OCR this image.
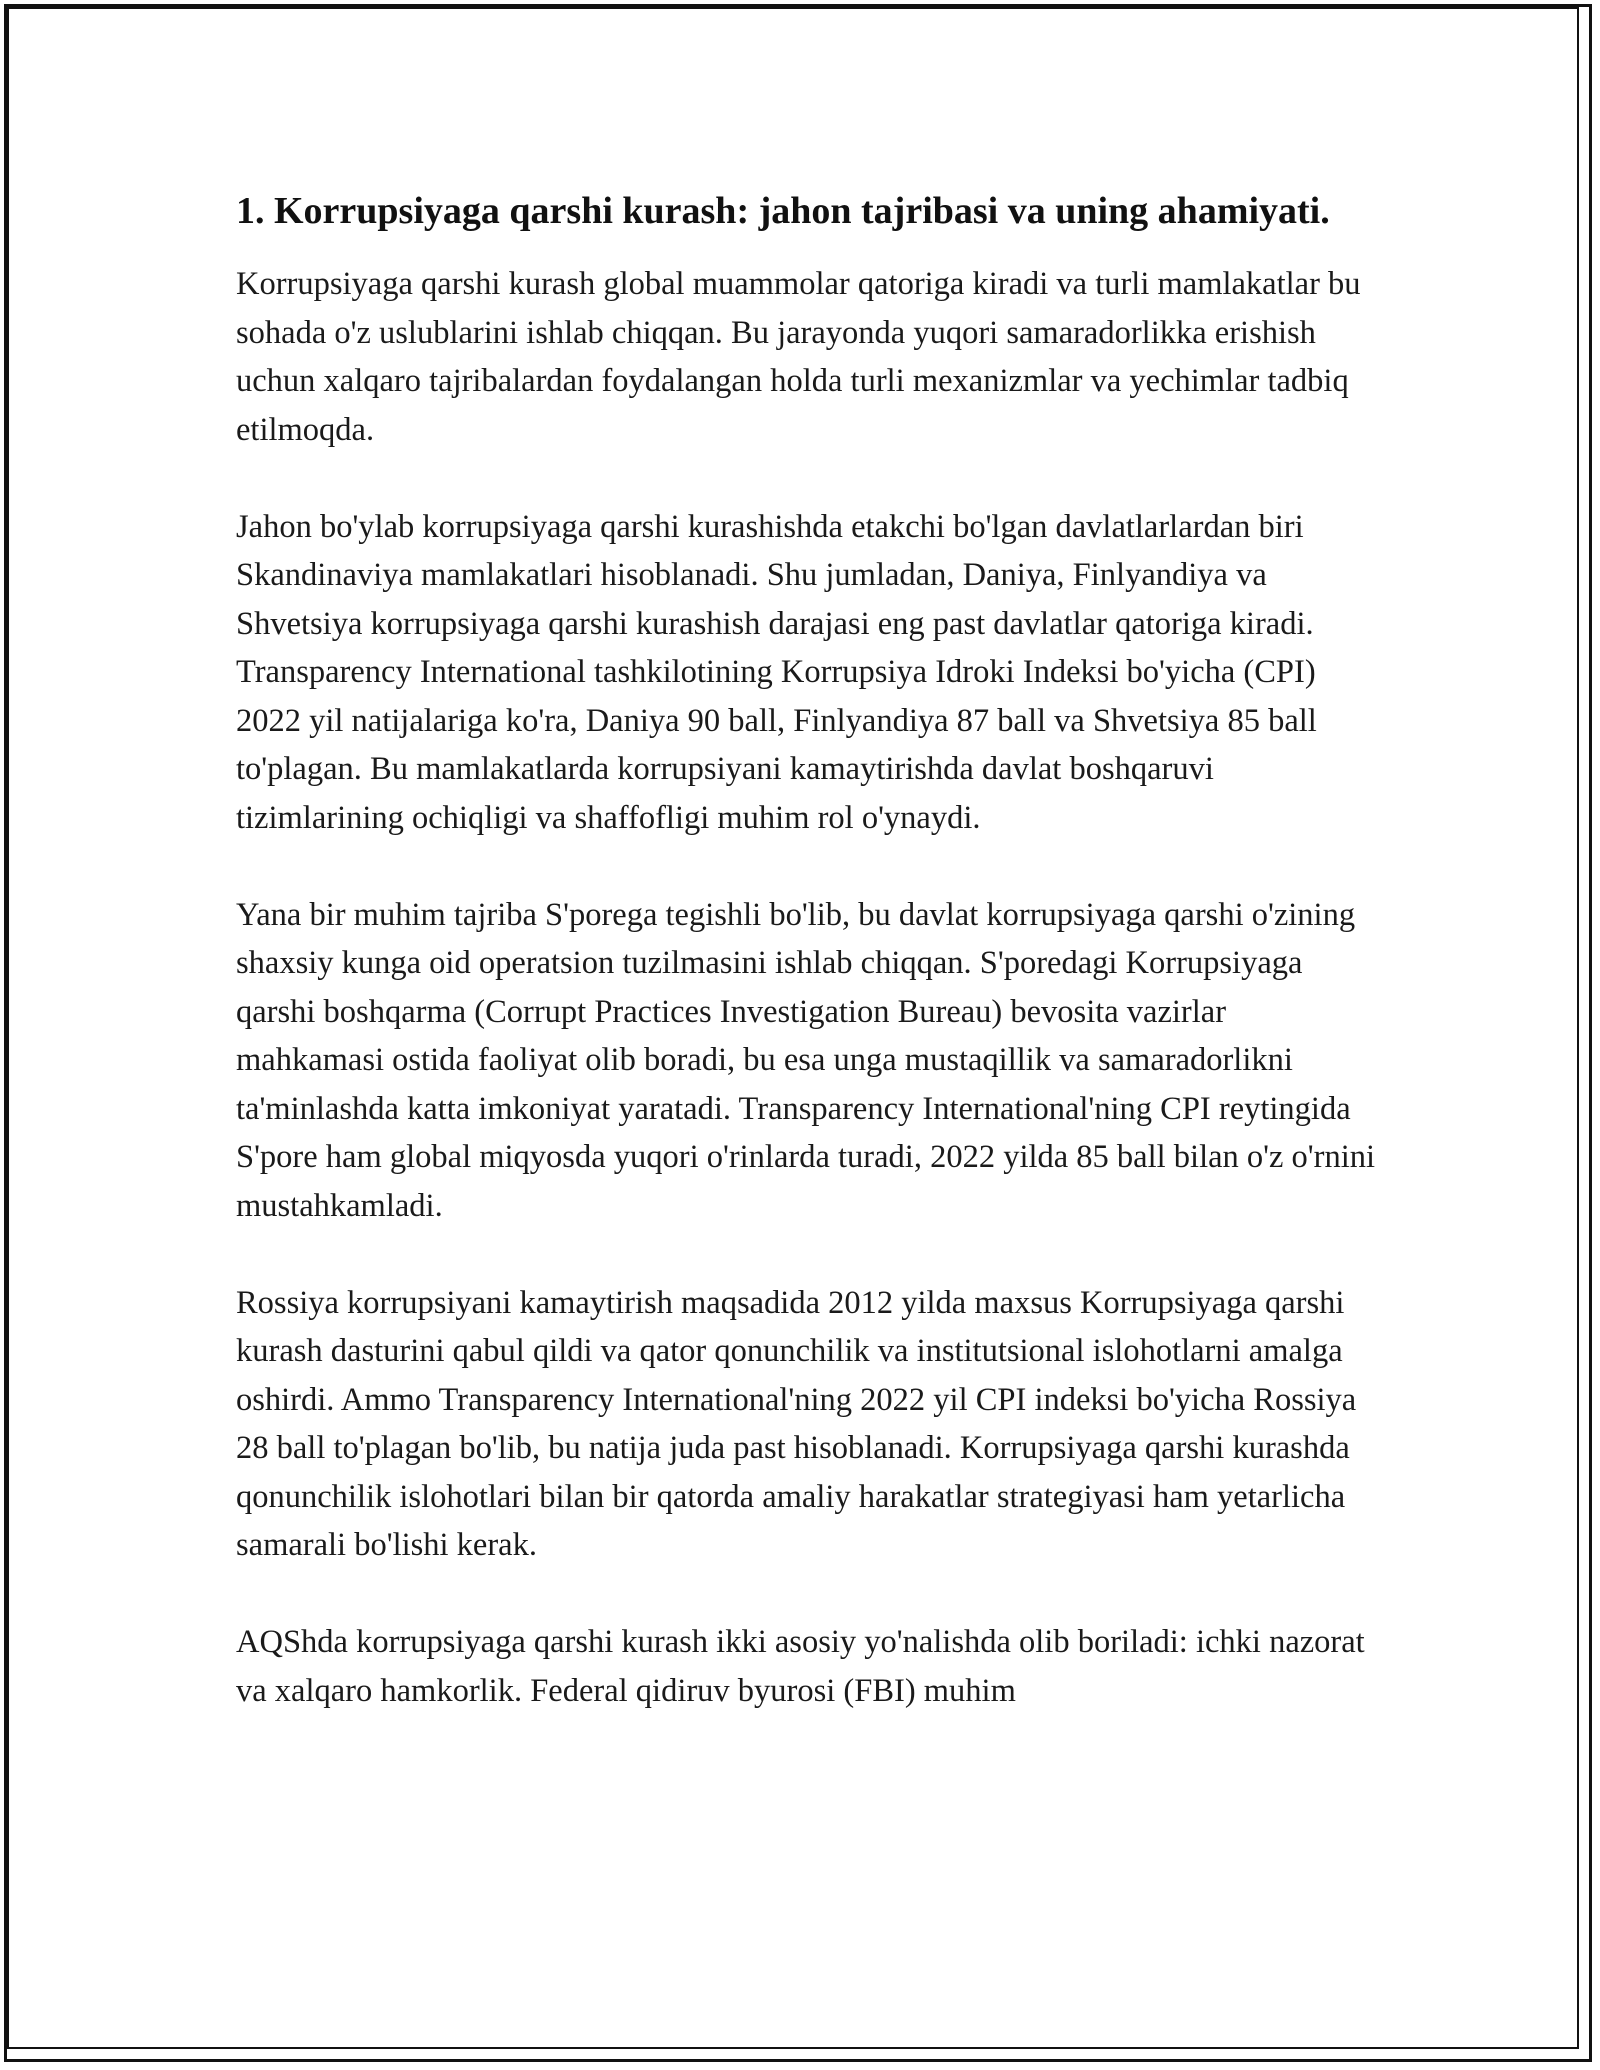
1. Korrupsiyaga qarshi kurash: jahon tajribasi va uning ahamiyati.

Korrupsiyaga qarshi kurash global muammolar qatoriga kiradi va turli mamlakatlar bu sohada o'z uslublarini ishlab chiqqan. Bu jarayonda yuqori samaradorlikka erishish uchun xalqaro tajribalardan foydalangan holda turli mexanizmlar va yechimlar tadbiq etilmoqda.

Jahon bo'ylab korrupsiyaga qarshi kurashishda etakchi bo'lgan davlatlarlardan biri Skandinaviya mamlakatlari hisoblanadi. Shu jumladan, Daniya, Finlyandiya va Shvetsiya korrupsiyaga qarshi kurashish darajasi eng past davlatlar qatoriga kiradi. Transparency International tashkilotining Korrupsiya Idroki Indeksi bo'yicha (CPI) 2022 yil natijalariga ko'ra, Daniya 90 ball, Finlyandiya 87 ball va Shvetsiya 85 ball to'plagan. Bu mamlakatlarda korrupsiyani kamaytirishda davlat boshqaruvi tizimlarining ochiqligi va shaffofligi muhim rol o'ynaydi.

Yana bir muhim tajriba S'poregа tegishli bo'lib, bu davlat korrupsiyaga qarshi o'zining shaxsiy kunga oid operatsion tuzilmasini ishlab chiqqan. S'poredagi Korrupsiyaga qarshi boshqarma (Corrupt Practices Investigation Bureau) bevosita vazirlar mahkamasi ostida faoliyat olib boradi, bu esa unga mustaqillik va samaradorlikni ta'minlashda katta imkoniyat yaratadi. Transparency International'ning CPI reytingida S'pore ham global miqyosda yuqori o'rinlarda turadi, 2022 yilda 85 ball bilan o'z o'rnini mustahkamladi.

Rossiya korrupsiyani kamaytirish maqsadida 2012 yilda maxsus Korrupsiyaga qarshi kurash dasturini qabul qildi va qator qonunchilik va institutsional islohotlarni amalga oshirdi. Ammo Transparency International'ning 2022 yil CPI indeksi bo'yicha Rossiya 28 ball to'plagan bo'lib, bu natija juda past hisoblanadi. Korrupsiyaga qarshi kurashda qonunchilik islohotlari bilan bir qatorda amaliy harakatlar strategiyasi ham yetarlicha samarali bo'lishi kerak.

AQShda korrupsiyaga qarshi kurash ikki asosiy yo'nalishda olib boriladi: ichki nazorat va xalqaro hamkorlik. Federal qidiruv byurosi (FBI) muhim
